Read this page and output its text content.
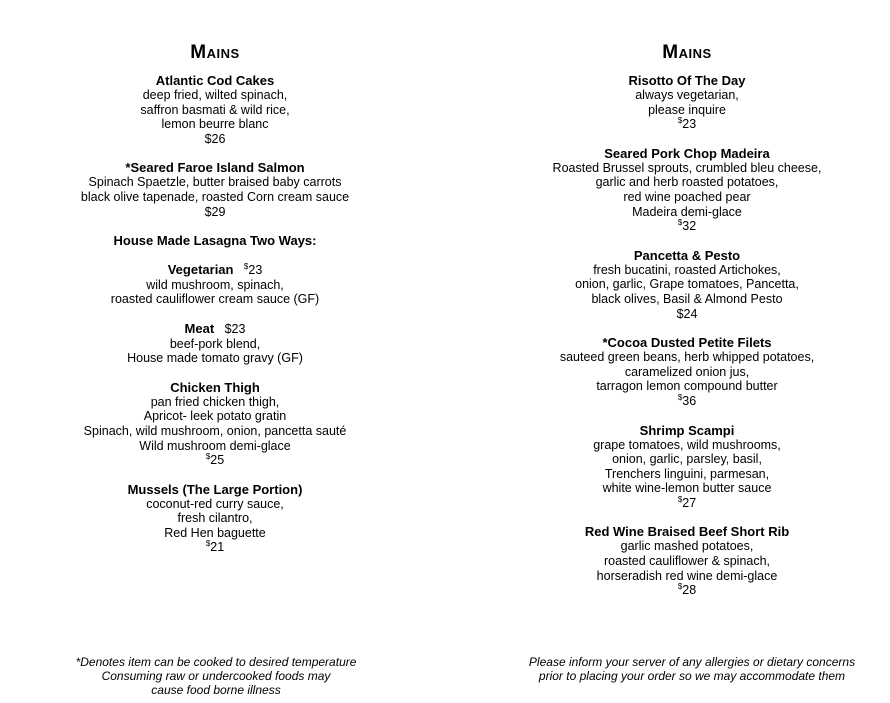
Mains
Atlantic Cod Cakes
deep fried, wilted spinach,
saffron basmati & wild rice,
lemon beurre blanc
$26
*Seared Faroe Island Salmon
Spinach Spaetzle, butter braised baby carrots
black olive tapenade, roasted Corn cream sauce
$29
House Made Lasagna Two Ways:
Vegetarian $23
wild mushroom, spinach,
roasted cauliflower cream sauce (GF)
Meat $23
beef-pork blend,
House made tomato gravy (GF)
Chicken Thigh
pan fried chicken thigh,
Apricot- leek potato gratin
Spinach, wild mushroom, onion, pancetta sauté
Wild mushroom demi-glace
$25
Mussels (The Large Portion)
coconut-red curry sauce,
fresh cilantro,
Red Hen baguette
$21
Mains
Risotto Of The Day
always vegetarian,
please inquire
$23
Seared Pork Chop Madeira
Roasted Brussel sprouts, crumbled bleu cheese,
garlic and herb roasted potatoes,
red wine poached pear
Madeira demi-glace
$32
Pancetta & Pesto
fresh bucatini, roasted Artichokes,
onion, garlic, Grape tomatoes, Pancetta,
black olives, Basil & Almond Pesto
$24
*Cocoa Dusted Petite Filets
sauteed green beans, herb whipped potatoes,
caramelized onion jus,
tarragon lemon compound butter
$36
Shrimp Scampi
grape tomatoes, wild mushrooms,
onion, garlic, parsley, basil,
Trenchers linguini, parmesan,
white wine-lemon butter sauce
$27
Red Wine Braised Beef Short Rib
garlic mashed potatoes,
roasted cauliflower & spinach,
horseradish red wine demi-glace
$28
*Denotes item can be cooked to desired temperature
Consuming raw or undercooked foods may
cause food borne illness
Please inform your server of any allergies or dietary concerns
prior to placing your order so we may accommodate them
